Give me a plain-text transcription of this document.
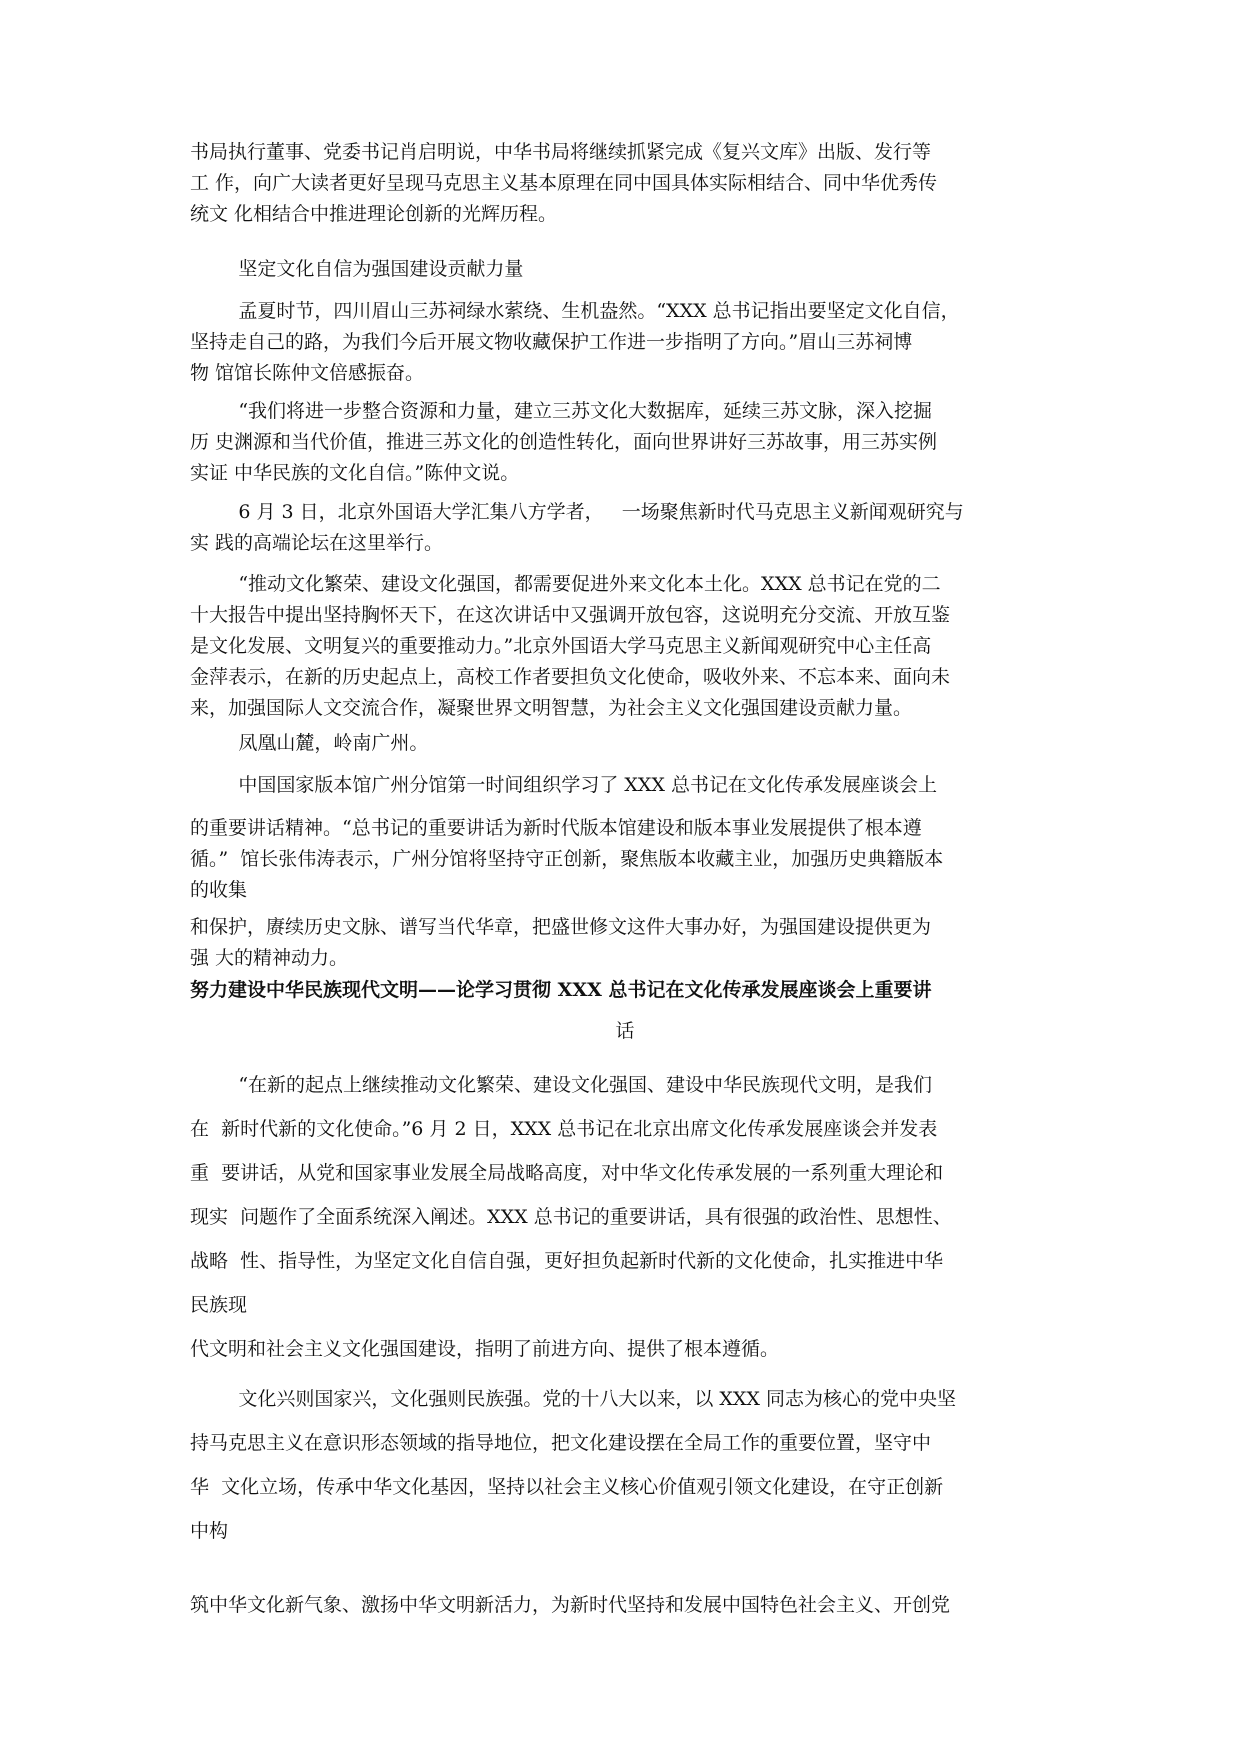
书局执行董事、党委书记肖启明说，中华书局将继续抓紧完成《复兴文库》出版、发行等
工 作，向广大读者更好呈现马克思主义基本原理在同中国具体实际相结合、同中华优秀传
统文 化相结合中推进理论创新的光辉历程。

坚定文化自信为强国建设贡献力量

孟夏时节，四川眉山三苏祠绿水萦绕、生机盎然。“XXX 总书记指出要坚定文化自信，
坚持走自己的路，为我们今后开展文物收藏保护工作进一步指明了方向。”眉山三苏祠博
物 馆馆长陈仲文倍感振奋。

“我们将进一步整合资源和力量，建立三苏文化大数据库，延续三苏文脉，深入挖掘
历 史渊源和当代价值，推进三苏文化的创造性转化，面向世界讲好三苏故事，用三苏实例
实证 中华民族的文化自信。”陈仲文说。

6 月 3 日，北京外国语大学汇集八方学者，   一场聚焦新时代马克思主义新闻观研究与
实 践的高端论坛在这里举行。

“推动文化繁荣、建设文化强国，都需要促进外来文化本土化。XXX 总书记在党的二
十大报告中提出坚持胸怀天下，在这次讲话中又强调开放包容，这说明充分交流、开放互鉴
是文化发展、文明复兴的重要推动力。”北京外国语大学马克思主义新闻观研究中心主任高
金萍表示，在新的历史起点上，高校工作者要担负文化使命，吸收外来、不忘本来、面向未
来，加强国际人文交流合作，凝聚世界文明智慧，为社会主义文化强国建设贡献力量。

凤凰山麓，岭南广州。

中国国家版本馆广州分馆第一时间组织学习了 XXX 总书记在文化传承发展座谈会上

的重要讲话精神。“总书记的重要讲话为新时代版本馆建设和版本事业发展提供了根本遵
循。”  馆长张伟涛表示，广州分馆将坚持守正创新，聚焦版本收藏主业，加强历史典籍版本
的收集

和保护，赓续历史文脉、谱写当代华章，把盛世修文这件大事办好，为强国建设提供更为
强 大的精神动力。

努力建设中华民族现代文明——论学习贯彻 XXX 总书记在文化传承发展座谈会上重要讲

话

“在新的起点上继续推动文化繁荣、建设文化强国、建设中华民族现代文明，是我们
在  新时代新的文化使命。”6 月 2 日，XXX 总书记在北京出席文化传承发展座谈会并发表
重  要讲话，从党和国家事业发展全局战略高度，对中华文化传承发展的一系列重大理论和
现实  问题作了全面系统深入阐述。XXX 总书记的重要讲话，具有很强的政治性、思想性、
战略  性、指导性，为坚定文化自信自强，更好担负起新时代新的文化使命，扎实推进中华
民族现

代文明和社会主义文化强国建设，指明了前进方向、提供了根本遵循。

文化兴则国家兴，文化强则民族强。党的十八大以来，以 XXX 同志为核心的党中央坚
持马克思主义在意识形态领域的指导地位，把文化建设摆在全局工作的重要位置，坚守中
华  文化立场，传承中华文化基因，坚持以社会主义核心价值观引领文化建设，在守正创新
中构

筑中华文化新气象、激扬中华文明新活力，为新时代坚持和发展中国特色社会主义、开创党
